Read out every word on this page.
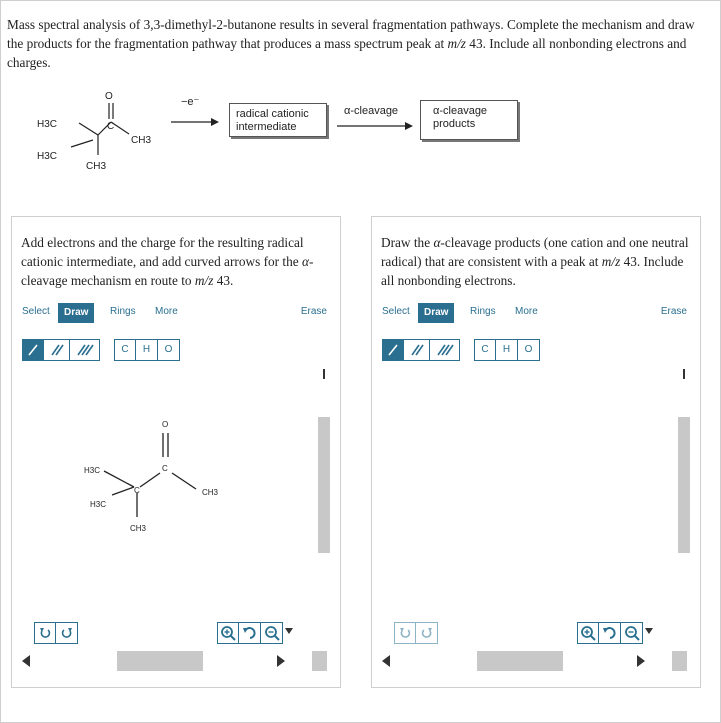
Mass spectral analysis of 3,3-dimethyl-2-butanone results in several fragmentation pathways. Complete the mechanism and draw the products for the fragmentation pathway that produces a mass spectrum peak at m/z 43. Include all nonbonding electrons and charges.

O
C
H3C
H3C
CH3
CH3
−e⁻
radical cationic intermediate
α-cleavage	α-cleavage products

Add electrons and the charge for the resulting radical cationic intermediate, and add curved arrows for the α-cleavage mechanism en route to m/z 43.

Select	Draw	Rings More	Erase
C	H	O
O
C
C
H3C
H3C
CH3
CH3

Draw the α-cleavage products (one cation and one neutral radical) that are consistent with a peak at m/z 43. Include all nonbonding electrons.

Select	Draw	Rings More	Erase
C	H	O
